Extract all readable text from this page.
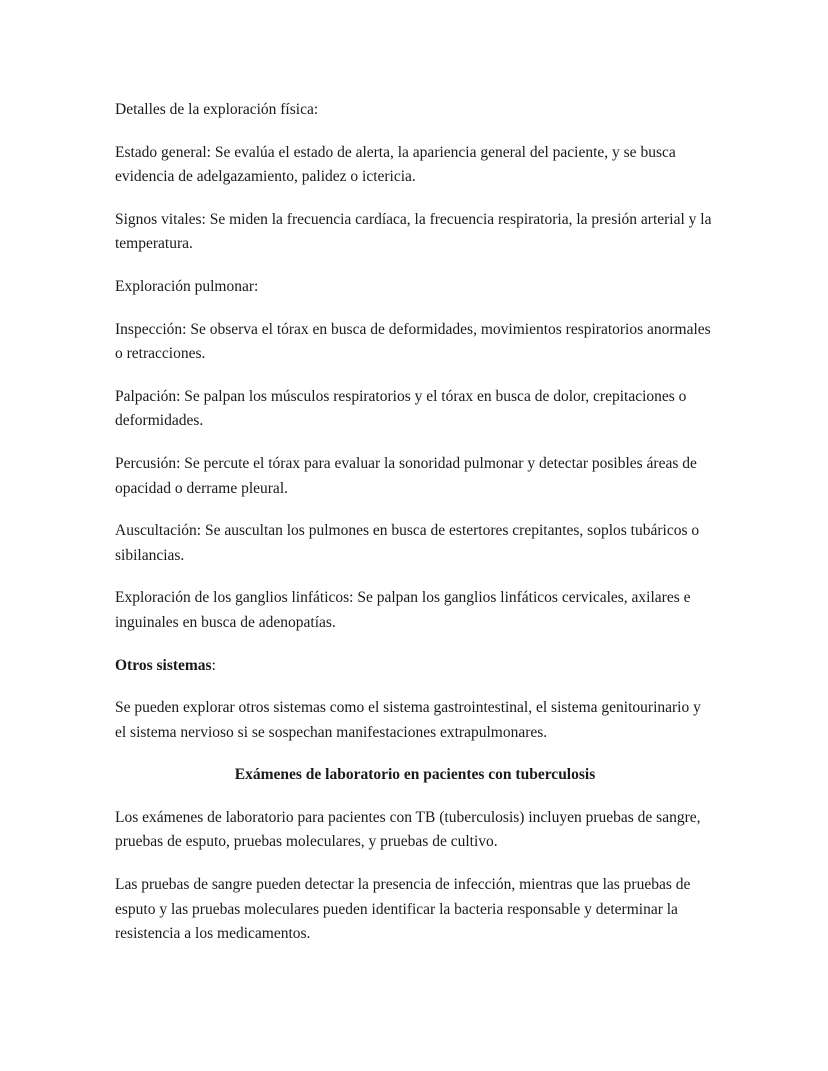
Detalles de la exploración física:

Estado general: Se evalúa el estado de alerta, la apariencia general del paciente, y se busca evidencia de adelgazamiento, palidez o ictericia.

Signos vitales: Se miden la frecuencia cardíaca, la frecuencia respiratoria, la presión arterial y la temperatura.

Exploración pulmonar:

Inspección: Se observa el tórax en busca de deformidades, movimientos respiratorios anormales o retracciones.

Palpación: Se palpan los músculos respiratorios y el tórax en busca de dolor, crepitaciones o deformidades.

Percusión: Se percute el tórax para evaluar la sonoridad pulmonar y detectar posibles áreas de opacidad o derrame pleural.

Auscultación: Se auscultan los pulmones en busca de estertores crepitantes, soplos tubáricos o sibilancias.

Exploración de los ganglios linfáticos: Se palpan los ganglios linfáticos cervicales, axilares e inguinales en busca de adenopatías.

Otros sistemas:

Se pueden explorar otros sistemas como el sistema gastrointestinal, el sistema genitourinario y el sistema nervioso si se sospechan manifestaciones extrapulmonares.

Exámenes de laboratorio en pacientes con tuberculosis

Los exámenes de laboratorio para pacientes con TB (tuberculosis) incluyen pruebas de sangre, pruebas de esputo, pruebas moleculares, y pruebas de cultivo.

Las pruebas de sangre pueden detectar la presencia de infección, mientras que las pruebas de esputo y las pruebas moleculares pueden identificar la bacteria responsable y determinar la resistencia a los medicamentos.
